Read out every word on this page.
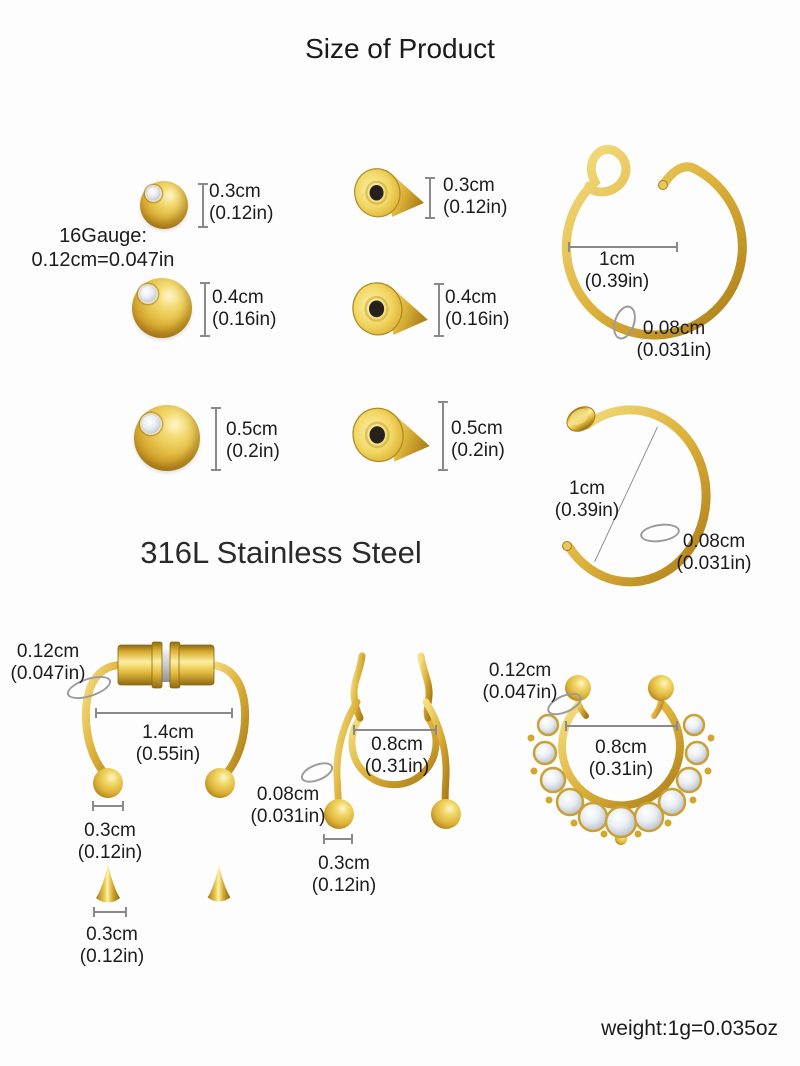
Size of Product
16Gauge:
0.12cm=0.047in
316L Stainless Steel
weight:1g=0.035oz
0.3cm
(0.12in)
0.4cm
(0.16in)
0.5cm
(0.2in)
0.3cm
(0.12in)
0.4cm
(0.16in)
0.5cm
(0.2in)
1cm
(0.39in)
0.08cm
(0.031in)
1cm
(0.39in)
0.08cm
(0.031in)
0.12cm
(0.047in)
1.4cm
(0.55in)
0.3cm
(0.12in)
0.8cm
(0.31in)
0.08cm
(0.031in)
0.3cm
(0.12in)
0.12cm
(0.047in)
0.8cm
(0.31in)
0.3cm
(0.12in)
